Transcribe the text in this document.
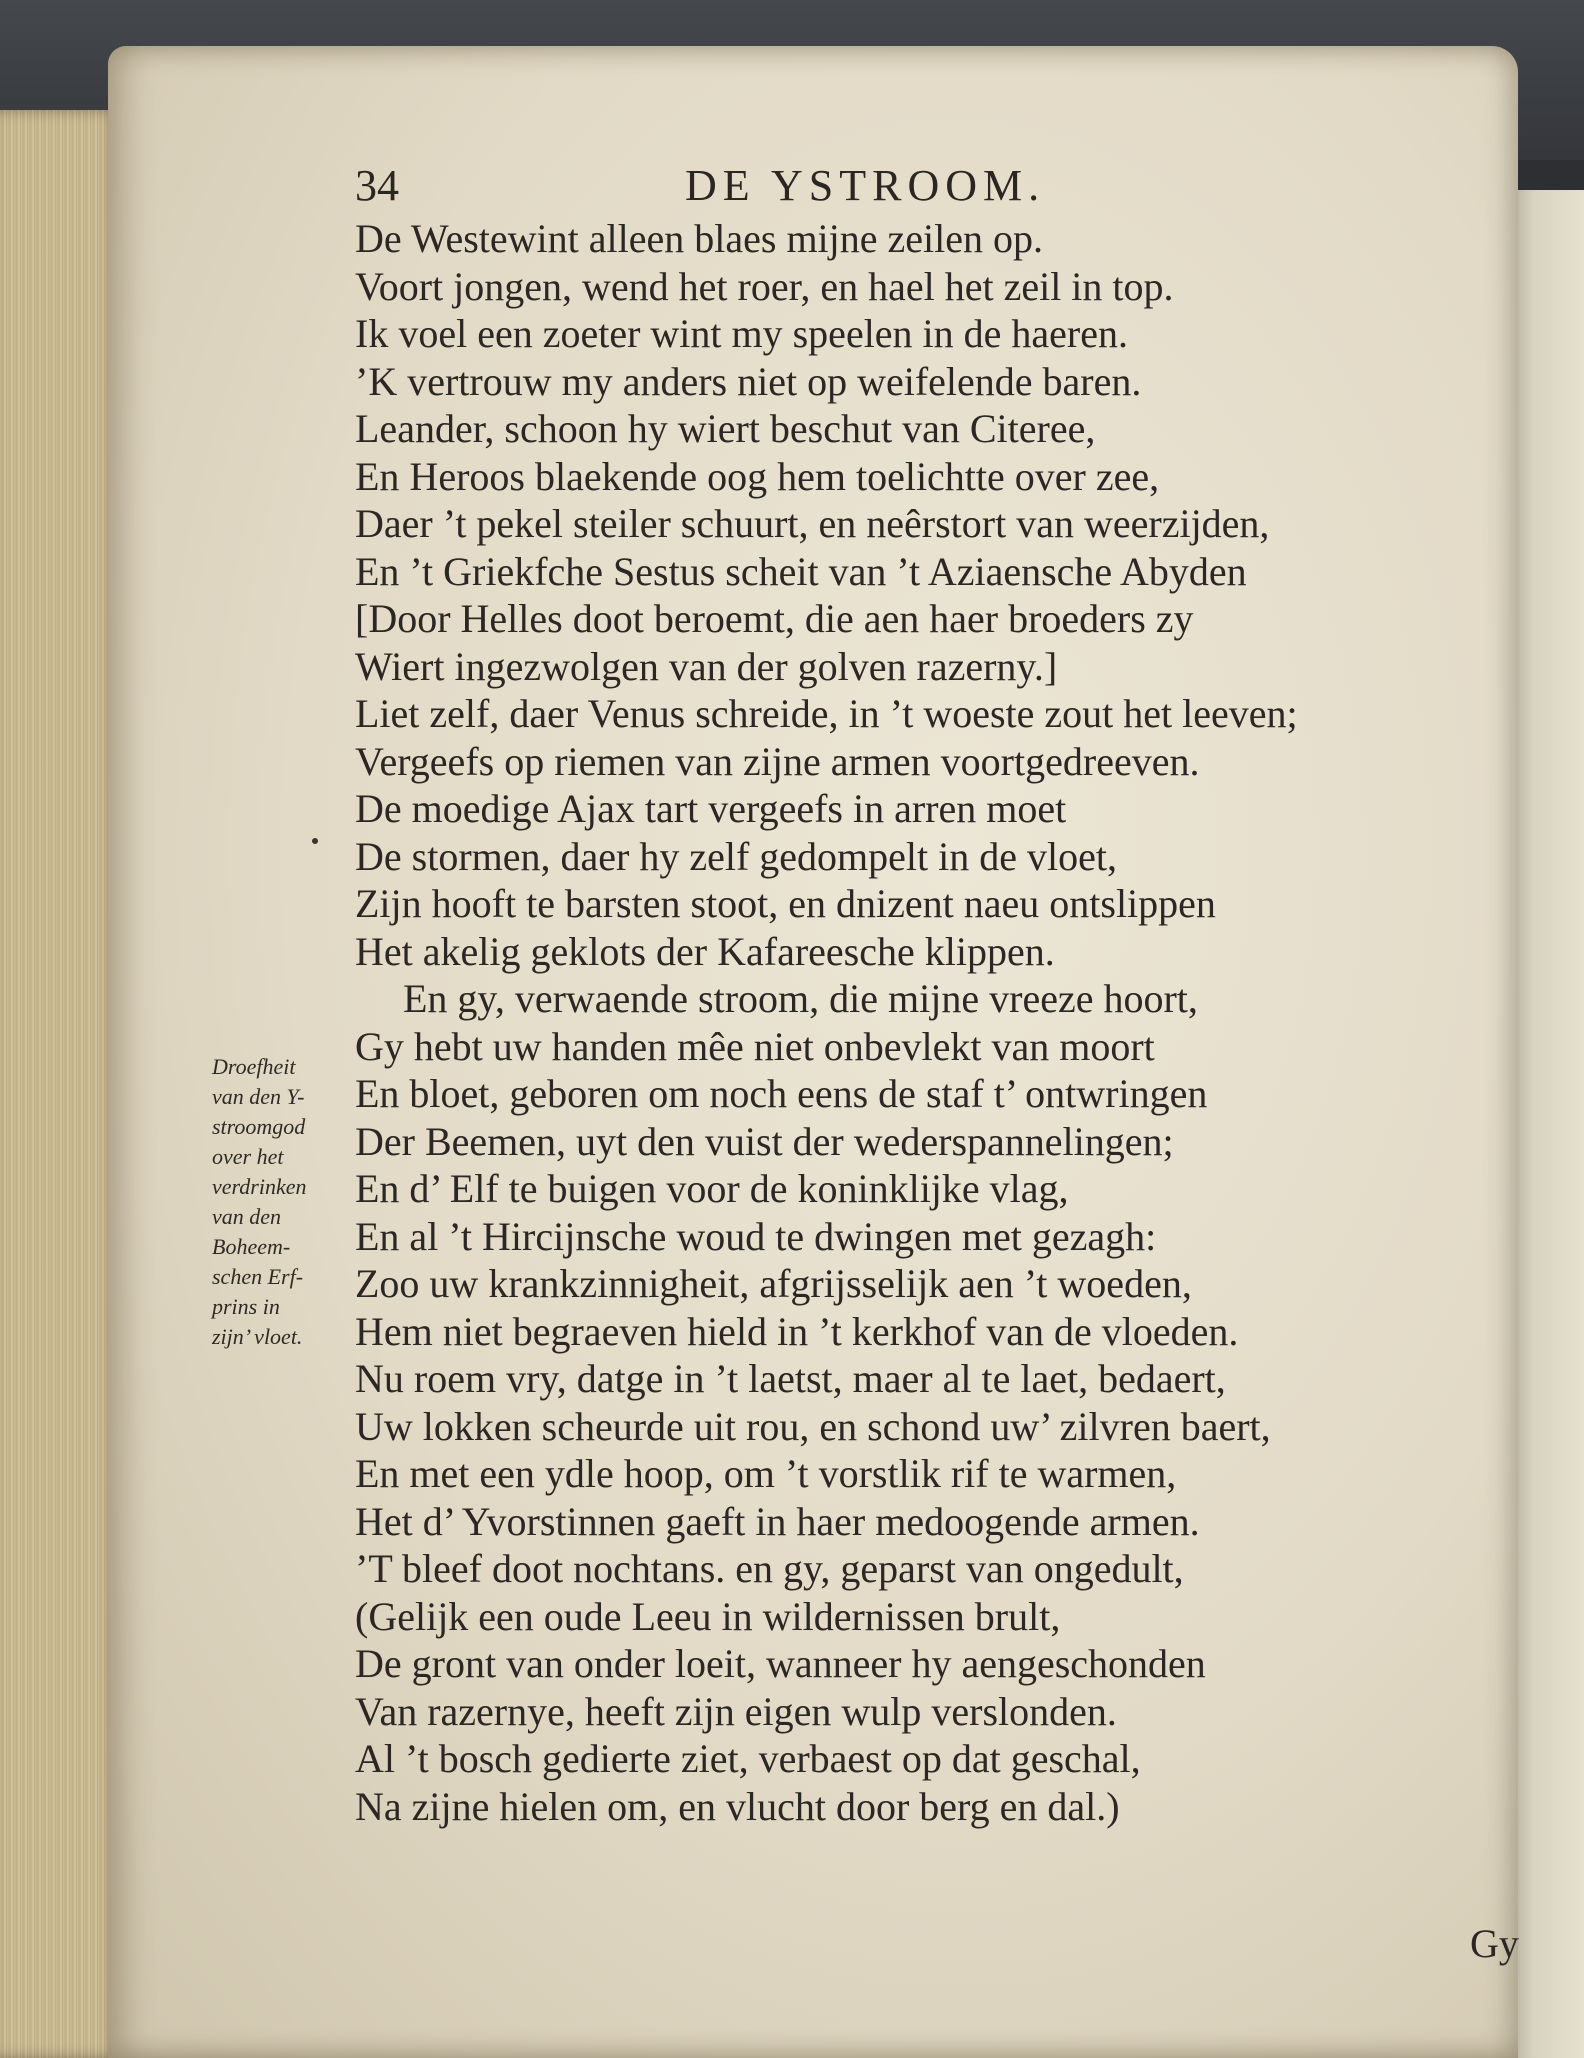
34	DE YSTROOM.
Droefheit
van den Y-
stroomgod
over het
verdrinken
van den
Boheem-
schen Erf-
prins in
zijn’ vloet.
De Westewint alleen blaes mijne zeilen op.
Voort jongen, wend het roer, en hael het zeil in top.
Ik voel een zoeter wint my speelen in de haeren.
’K vertrouw my anders niet op weifelende baren.
Leander, schoon hy wiert beschut van Citeree,
En Heroos blaekende oog hem toelichtte over zee,
Daer ’t pekel steiler schuurt, en neêrstort van weerzijden,
En ’t Griekfche Sestus scheit van ’t Aziaensche Abyden
[Door Helles doot beroemt, die aen haer broeders zy
Wiert ingezwolgen van der golven razerny.]
Liet zelf, daer Venus schreide, in ’t woeste zout het leeven;
Vergeefs op riemen van zijne armen voortgedreeven.
De moedige Ajax tart vergeefs in arren moet
De stormen, daer hy zelf gedompelt in de vloet,
Zijn hooft te barsten stoot, en dnizent naeu ontslippen
Het akelig geklots der Kafareesche klippen.
En gy, verwaende stroom, die mijne vreeze hoort,
Gy hebt uw handen mêe niet onbevlekt van moort
En bloet, geboren om noch eens de staf t’ ontwringen
Der Beemen, uyt den vuist der wederspannelingen;
En d’ Elf te buigen voor de koninklijke vlag,
En al ’t Hircijnsche woud te dwingen met gezagh:
Zoo uw krankzinnigheit, afgrijsselijk aen ’t woeden,
Hem niet begraeven hield in ’t kerkhof van de vloeden.
Nu roem vry, datge in ’t laetst, maer al te laet, bedaert,
Uw lokken scheurde uit rou, en schond uw’ zilvren baert,
En met een ydle hoop, om ’t vorstlik rif te warmen,
Het d’ Yvorstinnen gaeft in haer medoogende armen.
’T bleef doot nochtans. en gy, geparst van ongedult,
(Gelijk een oude Leeu in wildernissen brult,
De gront van onder loeit, wanneer hy aengeschonden
Van razernye, heeft zijn eigen wulp verslonden.
Al ’t bosch gedierte ziet, verbaest op dat geschal,
Na zijne hielen om, en vlucht door berg en dal.)
Gy
